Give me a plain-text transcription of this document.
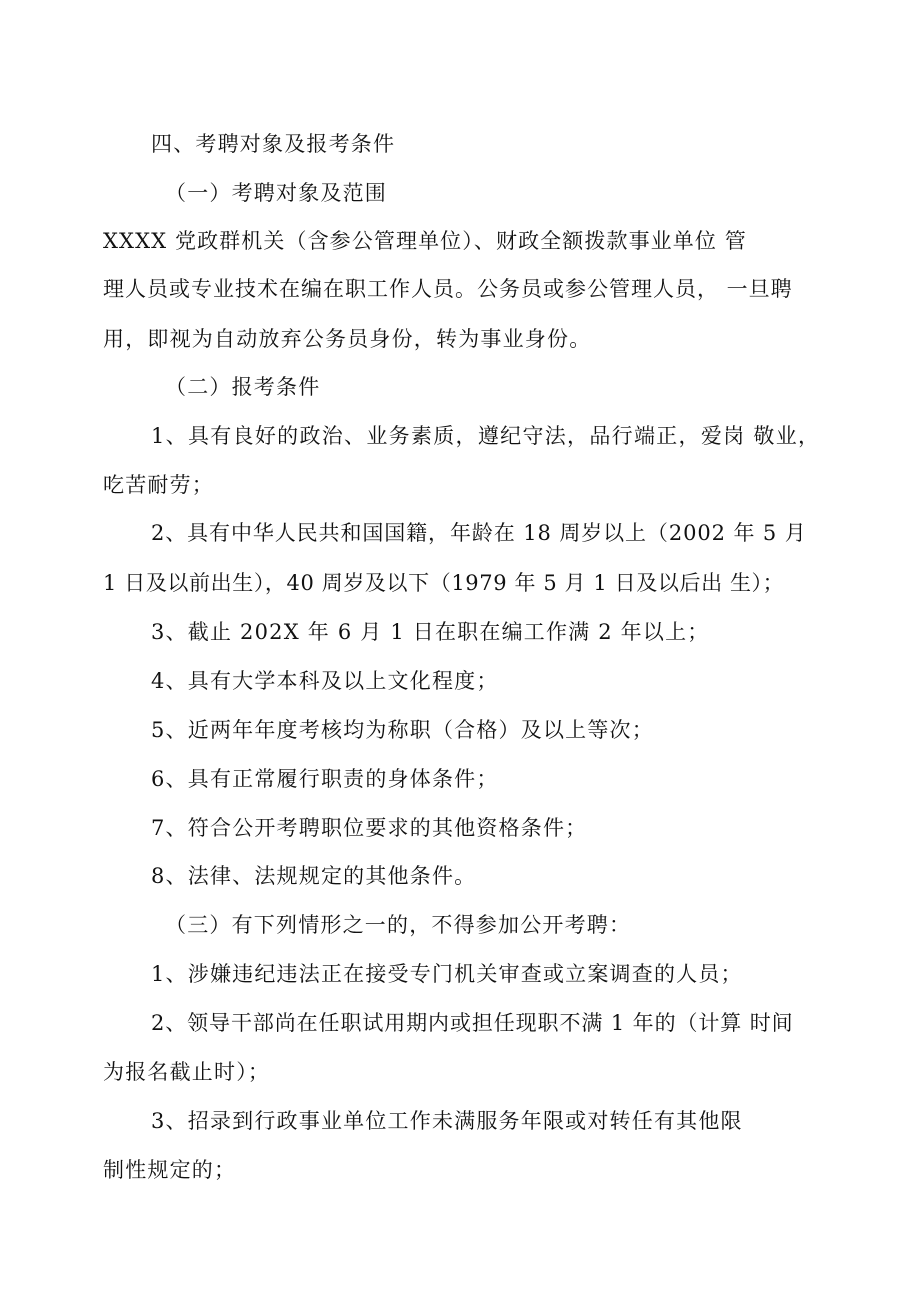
四、考聘对象及报考条件
（一）考聘对象及范围
XXXX 党政群机关（含参公管理单位）、财政全额拨款事业单位 管
理人员或专业技术在编在职工作人员。公务员或参公管理人员， 一旦聘
用，即视为自动放弃公务员身份，转为事业身份。
（二）报考条件
1、具有良好的政治、业务素质，遵纪守法，品行端正，爱岗 敬业，
吃苦耐劳；
2、具有中华人民共和国国籍，年龄在 18 周岁以上（2002 年 5 月
1 日及以前出生），40 周岁及以下（1979 年 5 月 1 日及以后出 生）；
3、截止 202X 年 6 月 1 日在职在编工作满 2 年以上；
4、具有大学本科及以上文化程度；
5、近两年年度考核均为称职（合格）及以上等次；
6、具有正常履行职责的身体条件；
7、符合公开考聘职位要求的其他资格条件；
8、法律、法规规定的其他条件。
（三）有下列情形之一的，不得参加公开考聘：
1、涉嫌违纪违法正在接受专门机关审查或立案调查的人员；
2、领导干部尚在任职试用期内或担任现职不满 1 年的（计算 时间
为报名截止时）；
3、招录到行政事业单位工作未满服务年限或对转任有其他限
制性规定的；
